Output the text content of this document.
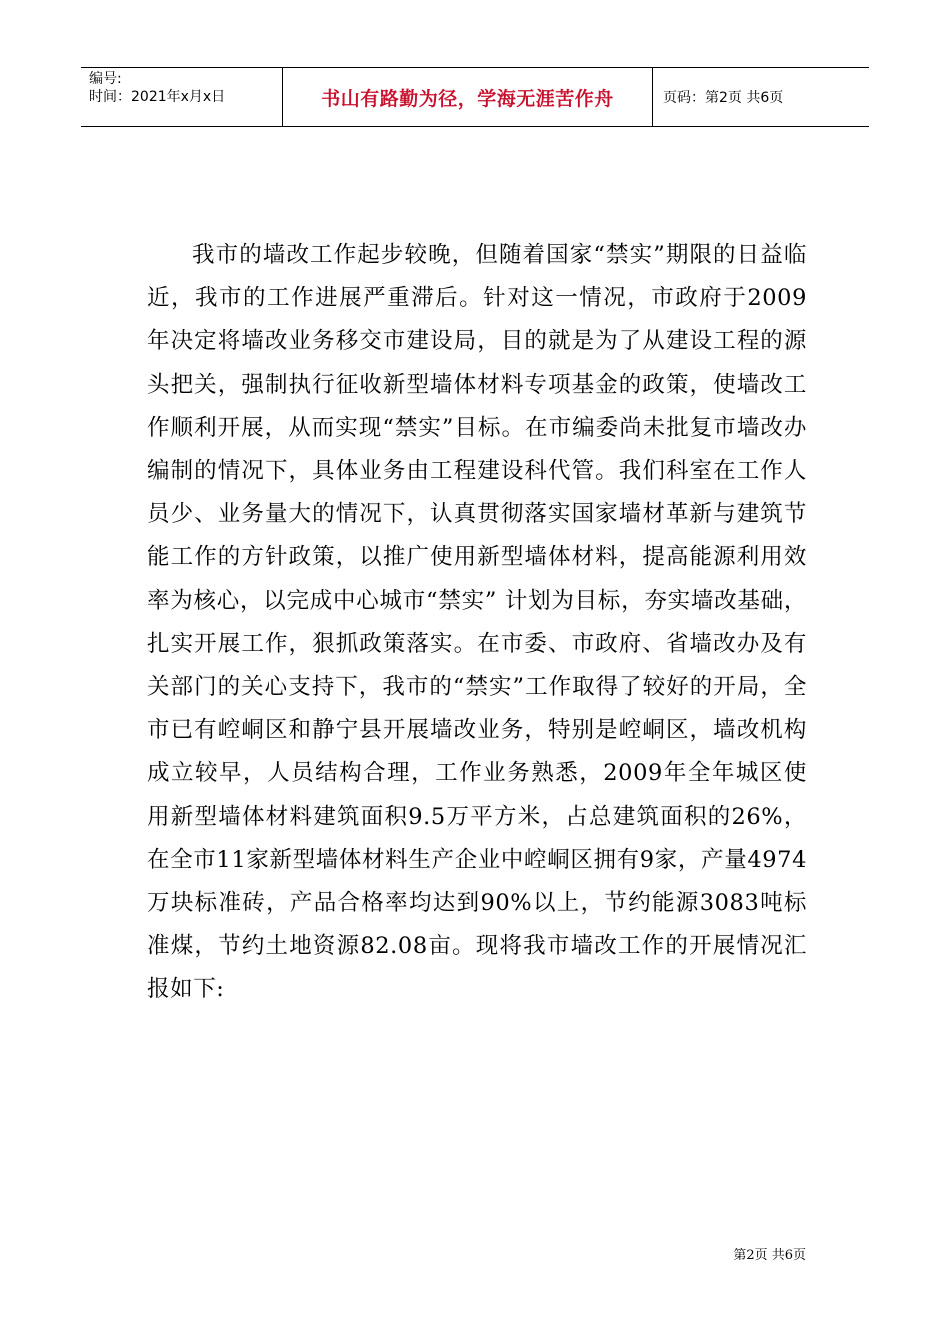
编号:
时间：2021年x月x日	书山有路勤为径，学海无涯苦作舟	页码：第2页 共6页

我市的墙改工作起步较晚，但随着国家“禁实”期限的日益临近，我市的工作进展严重滞后。针对这一情况，市政府于2009年决定将墙改业务移交市建设局，目的就是为了从建设工程的源头把关，强制执行征收新型墙体材料专项基金的政策，使墙改工作顺利开展，从而实现“禁实”目标。在市编委尚未批复市墙改办编制的情况下，具体业务由工程建设科代管。我们科室在工作人员少、业务量大的情况下，认真贯彻落实国家墙材革新与建筑节能工作的方针政策，以推广使用新型墙体材料，提高能源利用效率为核心，以完成中心城市“禁实” 计划为目标，夯实墙改基础，扎实开展工作，狠抓政策落实。在市委、市政府、省墙改办及有关部门的关心支持下，我市的“禁实”工作取得了较好的开局，全市已有崆峒区和静宁县开展墙改业务，特别是崆峒区，墙改机构成立较早，人员结构合理，工作业务熟悉，2009年全年城区使用新型墙体材料建筑面积9.5万平方米，占总建筑面积的26%，在全市11家新型墙体材料生产企业中崆峒区拥有9家，产量4974万块标准砖，产品合格率均达到90%以上，节约能源3083吨标准煤，节约土地资源82.08亩。现将我市墙改工作的开展情况汇报如下:

第2页 共6页
